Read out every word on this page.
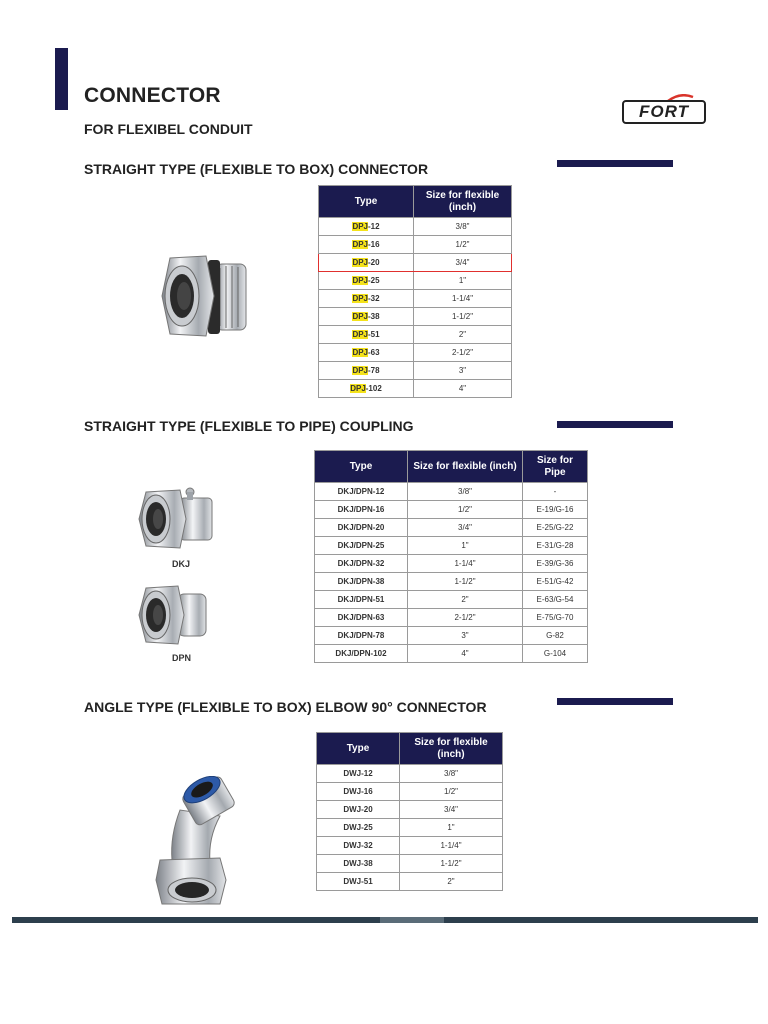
CONNECTOR
FOR FLEXIBEL CONDUIT
FORT
STRAIGHT TYPE (FLEXIBLE TO BOX) CONNECTOR
Type	Size for flexible (inch)
DPJ-12	3/8"
DPJ-16	1/2"
DPJ-20	3/4"
DPJ-25	1"
DPJ-32	1-1/4"
DPJ-38	1-1/2"
DPJ-51	2"
DPJ-63	2-1/2"
DPJ-78	3"
DPJ-102	4"
STRAIGHT TYPE (FLEXIBLE TO PIPE) COUPLING
DKJ
DPN
Type	Size for flexible (inch)	Size for Pipe
DKJ/DPN-12	3/8"	-
DKJ/DPN-16	1/2"	E-19/G-16
DKJ/DPN-20	3/4"	E-25/G-22
DKJ/DPN-25	1"	E-31/G-28
DKJ/DPN-32	1-1/4"	E-39/G-36
DKJ/DPN-38	1-1/2"	E-51/G-42
DKJ/DPN-51	2"	E-63/G-54
DKJ/DPN-63	2-1/2"	E-75/G-70
DKJ/DPN-78	3"	G-82
DKJ/DPN-102	4"	G-104
ANGLE TYPE (FLEXIBLE TO BOX) ELBOW 90° CONNECTOR
Type	Size for flexible (inch)
DWJ-12	3/8"
DWJ-16	1/2"
DWJ-20	3/4"
DWJ-25	1"
DWJ-32	1-1/4"
DWJ-38	1-1/2"
DWJ-51	2"
